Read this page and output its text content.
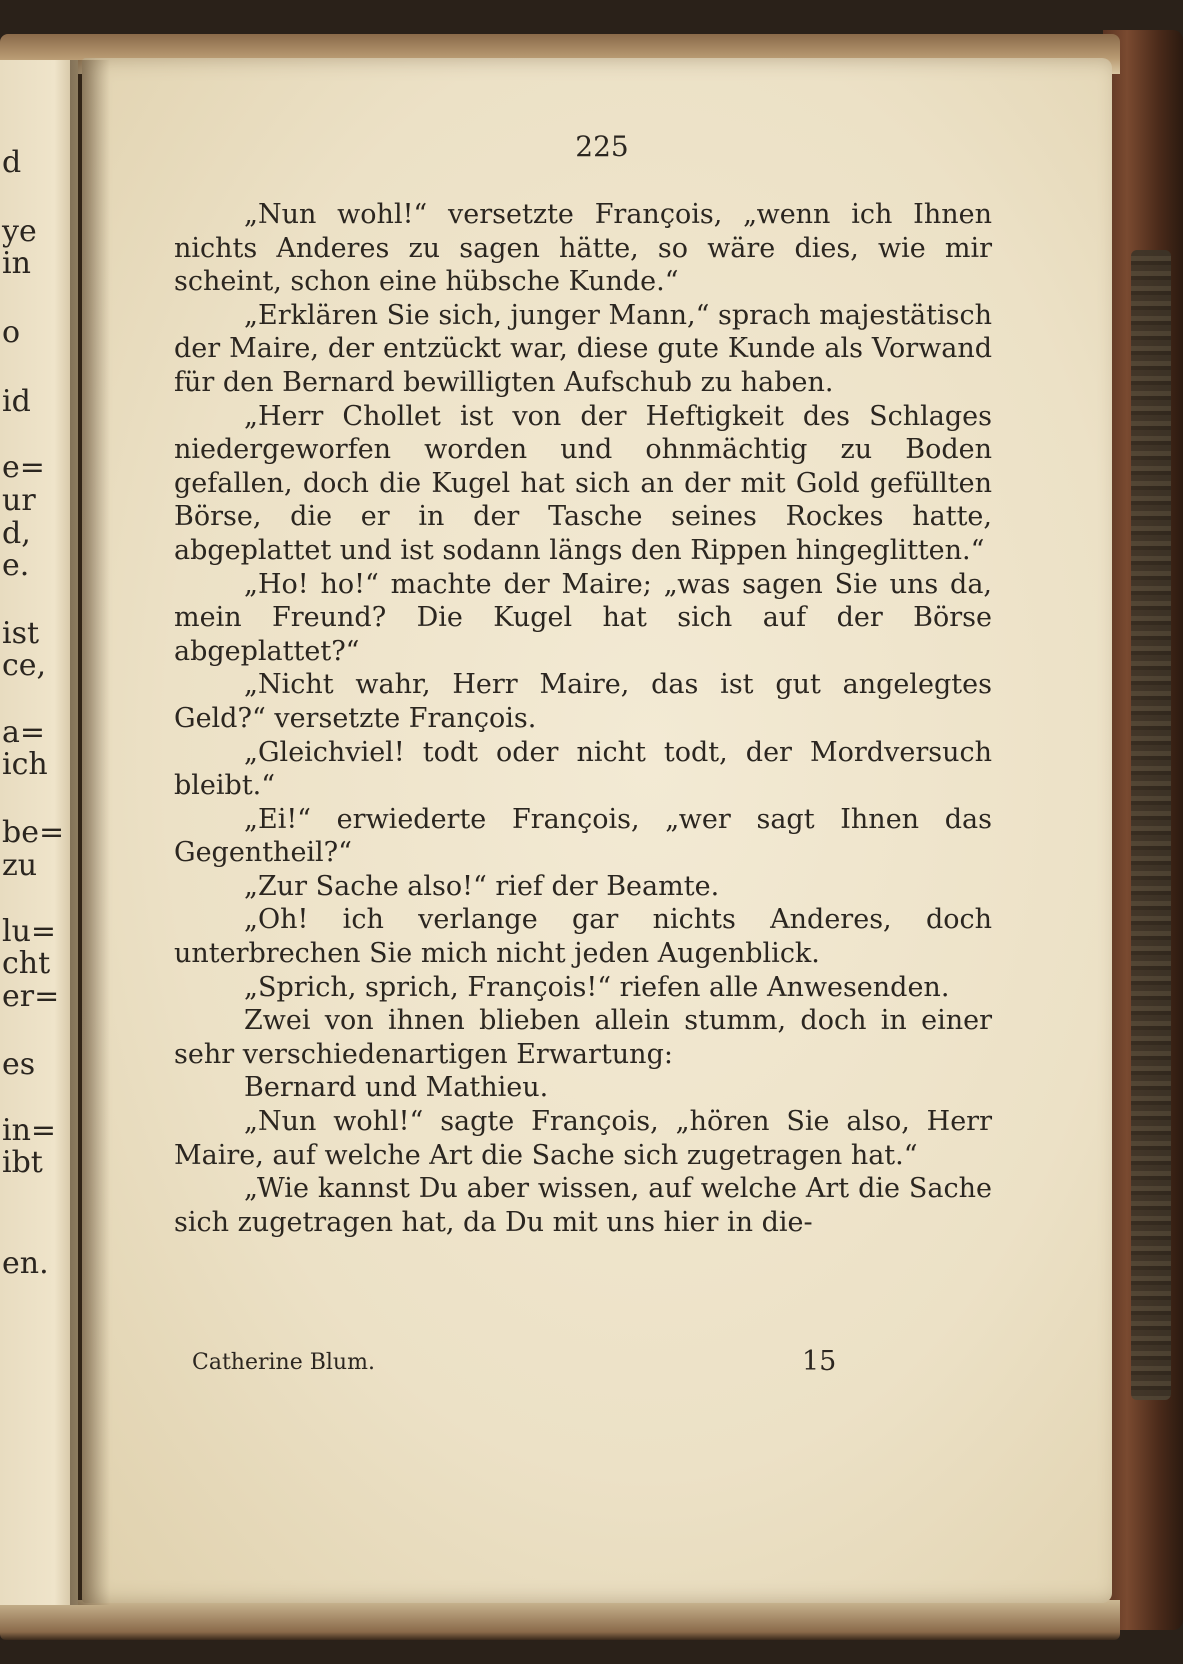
d
ye
in
o
id
e=
ur
d,
e.
ist
ce,
a=
ich
be=
zu
lu=
cht
er=
es
in=
ibt
en.
225

„Nun wohl!“ versetzte François, „wenn ich Ihnen nichts Anderes zu sagen hätte, so wäre dies, wie mir scheint, schon eine hübsche Kunde.“

„Erklären Sie sich, junger Mann,“ sprach majestätisch der Maire, der entzückt war, diese gute Kunde als Vorwand für den Bernard bewilligten Aufschub zu haben.

„Herr Chollet ist von der Heftigkeit des Schlages niedergeworfen worden und ohnmächtig zu Boden gefallen, doch die Kugel hat sich an der mit Gold gefüllten Börse, die er in der Tasche seines Rockes hatte, abgeplattet und ist sodann längs den Rippen hingeglitten.“

„Ho! ho!“ machte der Maire; „was sagen Sie uns da, mein Freund? Die Kugel hat sich auf der Börse abgeplattet?“

„Nicht wahr, Herr Maire, das ist gut angelegtes Geld?“ versetzte François.

„Gleichviel! todt oder nicht todt, der Mordversuch bleibt.“

„Ei!“ erwiederte François, „wer sagt Ihnen das Gegentheil?“

„Zur Sache also!“ rief der Beamte.

„Oh! ich verlange gar nichts Anderes, doch unterbrechen Sie mich nicht jeden Augenblick.

„Sprich, sprich, François!“ riefen alle Anwesenden.

Zwei von ihnen blieben allein stumm, doch in einer sehr verschiedenartigen Erwartung:

Bernard und Mathieu.

„Nun wohl!“ sagte François, „hören Sie also, Herr Maire, auf welche Art die Sache sich zugetragen hat.“

„Wie kannst Du aber wissen, auf welche Art die Sache sich zugetragen hat, da Du mit uns hier in die-

Catherine Blum.	15
